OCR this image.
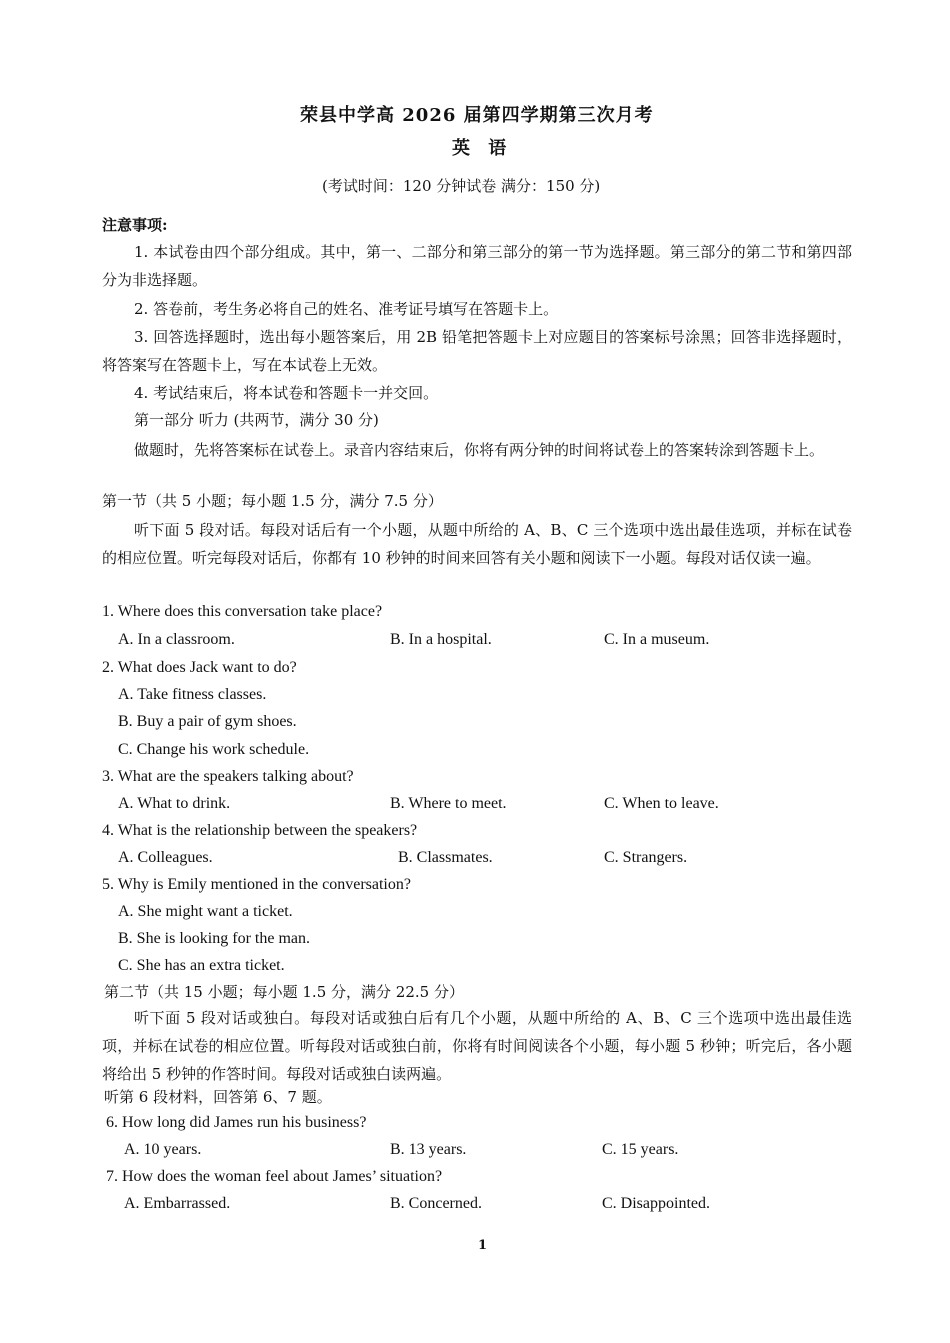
荣县中学高 2026 届第四学期第三次月考
英 语
(考试时间：120 分钟试卷 满分：150 分)
注意事项:
1. 本试卷由四个部分组成。其中，第一、二部分和第三部分的第一节为选择题。第三部分的第二节和第四部分为非选择题。
2. 答卷前，考生务必将自己的姓名、准考证号填写在答题卡上。
3. 回答选择题时，选出每小题答案后，用 2B 铅笔把答题卡上对应题目的答案标号涂黑；回答非选择题时，将答案写在答题卡上，写在本试卷上无效。
4. 考试结束后，将本试卷和答题卡一并交回。
第一部分 听力 (共两节，满分 30 分)
做题时，先将答案标在试卷上。录音内容结束后，你将有两分钟的时间将试卷上的答案转涂到答题卡上。
第一节（共 5 小题；每小题 1.5 分，满分 7.5 分）
听下面 5 段对话。每段对话后有一个小题，从题中所给的 A、B、C 三个选项中选出最佳选项，并标在试卷的相应位置。听完每段对话后，你都有 10 秒钟的时间来回答有关小题和阅读下一小题。每段对话仅读一遍。
1. Where does this conversation take place?
A. In a classroom.	B. In a hospital.	C. In a museum.
2. What does Jack want to do?
A. Take fitness classes.
B. Buy a pair of gym shoes.
C. Change his work schedule.
3. What are the speakers talking about?
A. What to drink.	B. Where to meet.	C. When to leave.
4. What is the relationship between the speakers?
A. Colleagues.	B. Classmates.	C. Strangers.
5. Why is Emily mentioned in the conversation?
A. She might want a ticket.
B. She is looking for the man.
C. She has an extra ticket.
第二节（共 15 小题；每小题 1.5 分，满分 22.5 分）
听下面 5 段对话或独白。每段对话或独白后有几个小题，从题中所给的 A、B、C 三个选项中选出最佳选项，并标在试卷的相应位置。听每段对话或独白前，你将有时间阅读各个小题，每小题 5 秒钟；听完后，各小题将给出 5 秒钟的作答时间。每段对话或独白读两遍。
听第 6 段材料，回答第 6、7 题。
6. How long did James run his business?
A. 10 years.	B. 13 years.	C. 15 years.
7. How does the woman feel about James’ situation?
A. Embarrassed.	B. Concerned.	C. Disappointed.
1
